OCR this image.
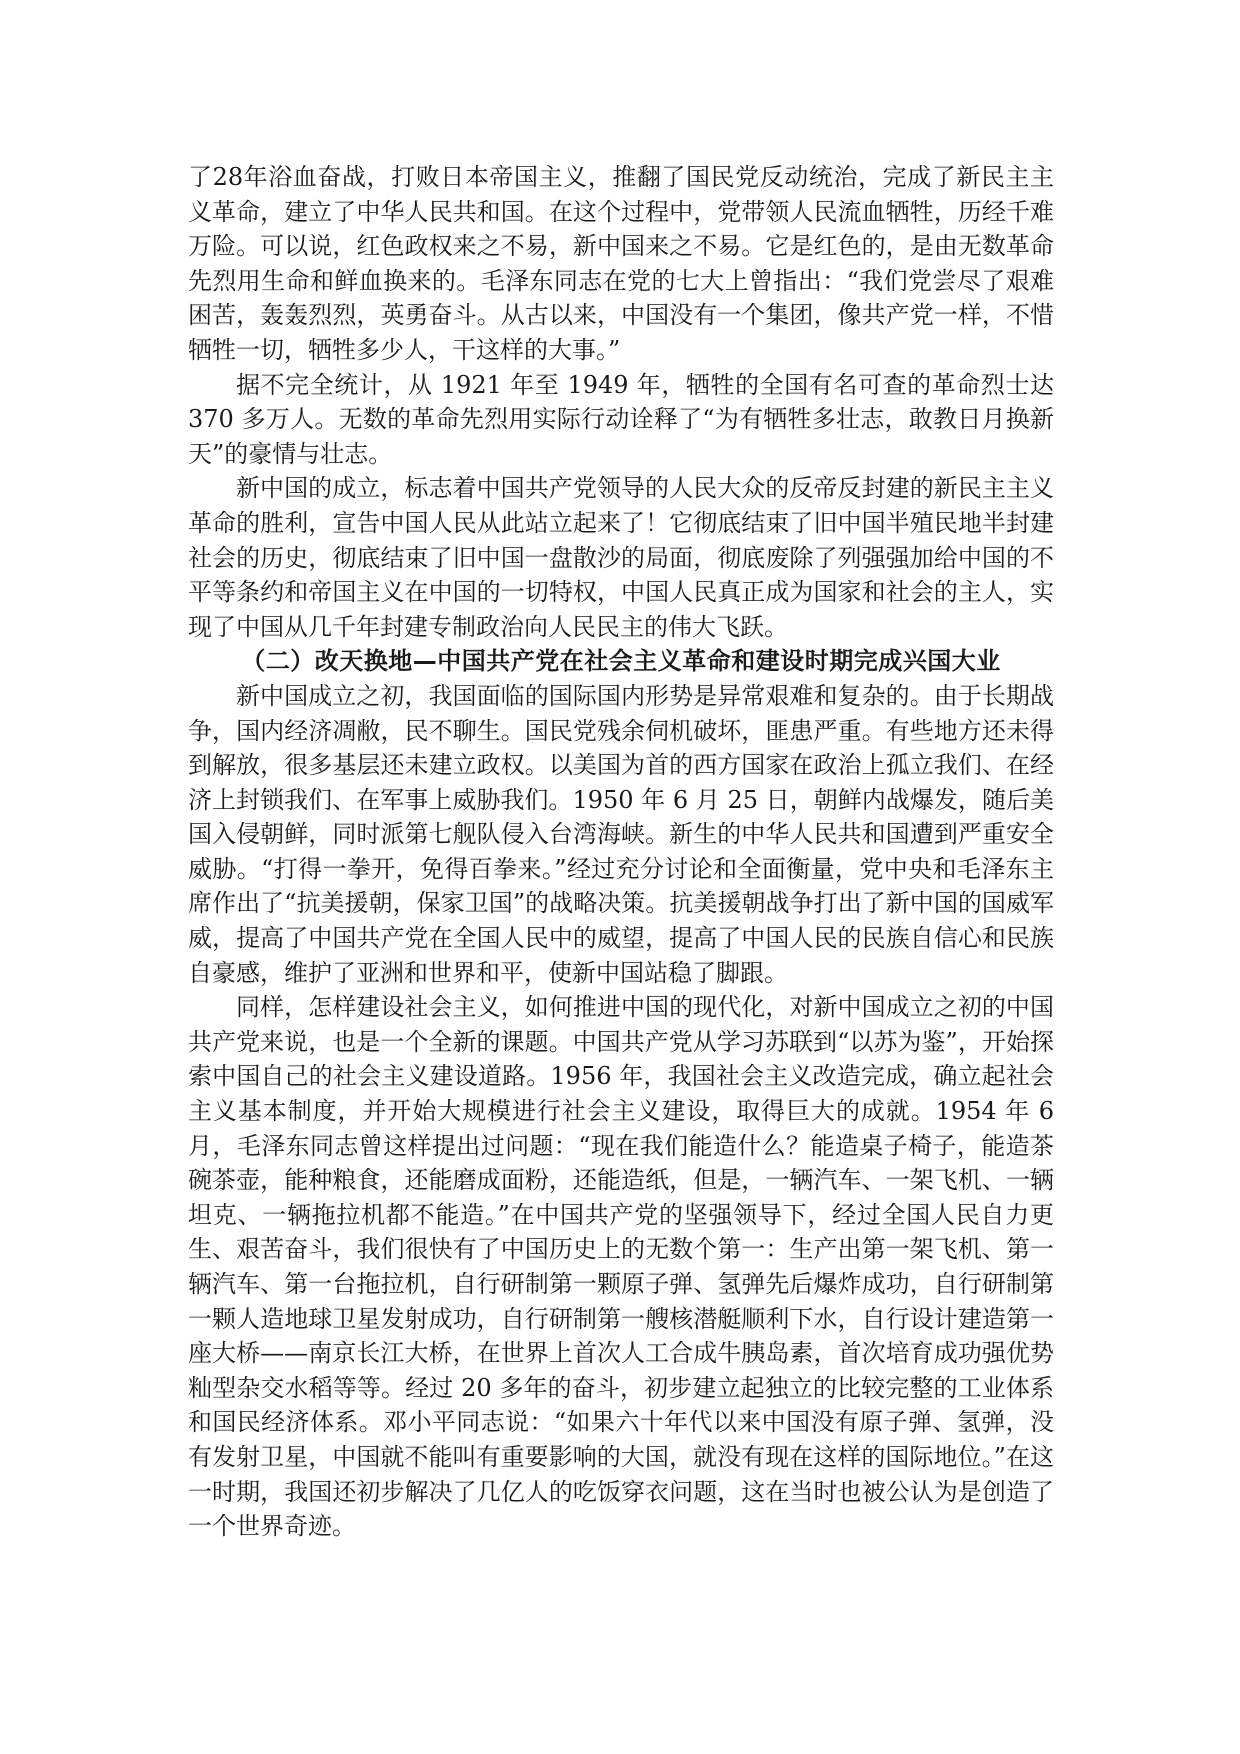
了28年浴血奋战，打败日本帝国主义，推翻了国民党反动统治，完成了新民主主义革命，建立了中华人民共和国。在这个过程中，党带领人民流血牺牲，历经千难万险。可以说，红色政权来之不易，新中国来之不易。它是红色的，是由无数革命先烈用生命和鲜血换来的。毛泽东同志在党的七大上曾指出：“我们党尝尽了艰难困苦，轰轰烈烈，英勇奋斗。从古以来，中国没有一个集团，像共产党一样，不惜牺牲一切，牺牲多少人，干这样的大事。”

据不完全统计，从 1921 年至 1949 年，牺牲的全国有名可查的革命烈士达370 多万人。无数的革命先烈用实际行动诠释了“为有牺牲多壮志，敢教日月换新天”的豪情与壮志。

新中国的成立，标志着中国共产党领导的人民大众的反帝反封建的新民主主义革命的胜利，宣告中国人民从此站立起来了！它彻底结束了旧中国半殖民地半封建社会的历史，彻底结束了旧中国一盘散沙的局面，彻底废除了列强强加给中国的不平等条约和帝国主义在中国的一切特权，中国人民真正成为国家和社会的主人，实现了中国从几千年封建专制政治向人民民主的伟大飞跃。

（二）改天换地—中国共产党在社会主义革命和建设时期完成兴国大业

新中国成立之初，我国面临的国际国内形势是异常艰难和复杂的。由于长期战争，国内经济凋敝，民不聊生。国民党残余伺机破坏，匪患严重。有些地方还未得到解放，很多基层还未建立政权。以美国为首的西方国家在政治上孤立我们、在经济上封锁我们、在军事上威胁我们。1950 年 6 月 25 日，朝鲜内战爆发，随后美国入侵朝鲜，同时派第七舰队侵入台湾海峡。新生的中华人民共和国遭到严重安全威胁。“打得一拳开，免得百拳来。”经过充分讨论和全面衡量，党中央和毛泽东主席作出了“抗美援朝，保家卫国”的战略决策。抗美援朝战争打出了新中国的国威军威，提高了中国共产党在全国人民中的威望，提高了中国人民的民族自信心和民族自豪感，维护了亚洲和世界和平，使新中国站稳了脚跟。

同样，怎样建设社会主义，如何推进中国的现代化，对新中国成立之初的中国共产党来说，也是一个全新的课题。中国共产党从学习苏联到“以苏为鉴”，开始探索中国自己的社会主义建设道路。1956 年，我国社会主义改造完成，确立起社会主义基本制度，并开始大规模进行社会主义建设，取得巨大的成就。1954 年 6 月，毛泽东同志曾这样提出过问题：“现在我们能造什么？能造桌子椅子，能造茶碗茶壶，能种粮食，还能磨成面粉，还能造纸，但是，一辆汽车、一架飞机、一辆坦克、一辆拖拉机都不能造。”在中国共产党的坚强领导下，经过全国人民自力更生、艰苦奋斗，我们很快有了中国历史上的无数个第一：生产出第一架飞机、第一辆汽车、第一台拖拉机，自行研制第一颗原子弹、氢弹先后爆炸成功，自行研制第一颗人造地球卫星发射成功，自行研制第一艘核潜艇顺利下水，自行设计建造第一座大桥——南京长江大桥，在世界上首次人工合成牛胰岛素，首次培育成功强优势籼型杂交水稻等等。经过 20 多年的奋斗，初步建立起独立的比较完整的工业体系和国民经济体系。邓小平同志说：“如果六十年代以来中国没有原子弹、氢弹，没有发射卫星，中国就不能叫有重要影响的大国，就没有现在这样的国际地位。”在这一时期，我国还初步解决了几亿人的吃饭穿衣问题，这在当时也被公认为是创造了一个世界奇迹。
